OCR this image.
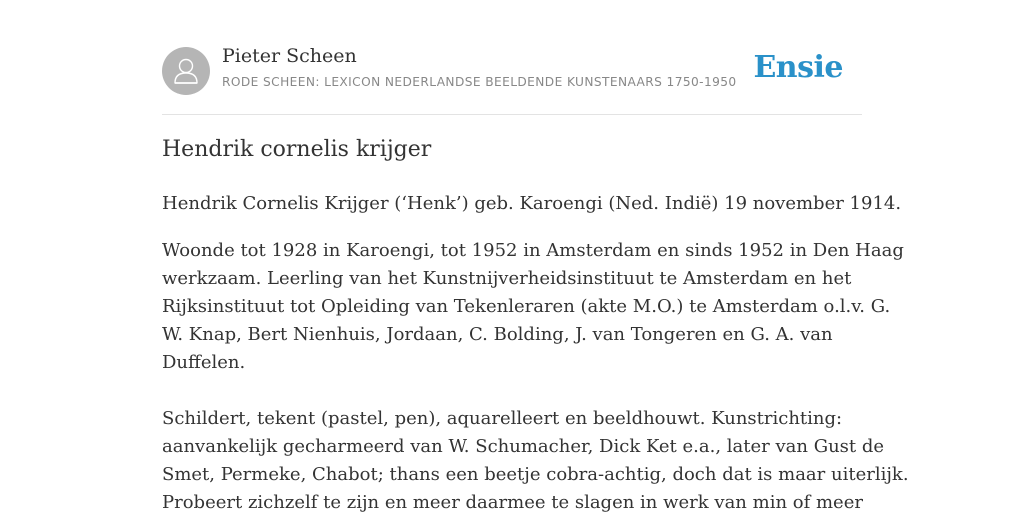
Pieter Scheen
RODE SCHEEN: LEXICON NEDERLANDSE BEELDENDE KUNSTENAARS 1750-1950 Ensie
Hendrik cornelis krijger

Hendrik Cornelis Krijger (‘Henk’) geb. Karoengi (Ned. Indië) 19 november 1914.

Woonde tot 1928 in Karoengi, tot 1952 in Amsterdam en sinds 1952 in Den Haag
werkzaam. Leerling van het Kunstnijverheidsinstituut te Amsterdam en het
Rijksinstituut tot Opleiding van Tekenleraren (akte M.O.) te Amsterdam o.l.v. G.
W. Knap, Bert Nienhuis, Jordaan, C. Bolding, J. van Tongeren en G. A. van
Duffelen.

Schildert, tekent (pastel, pen), aquarelleert en beeldhouwt. Kunstrichting:
aanvankelijk gecharmeerd van W. Schumacher, Dick Ket e.a., later van Gust de
Smet, Permeke, Chabot; thans een beetje cobra-achtig, doch dat is maar uiterlijk.
Probeert zichzelf te zijn en meer daarmee te slagen in werk van min of meer
